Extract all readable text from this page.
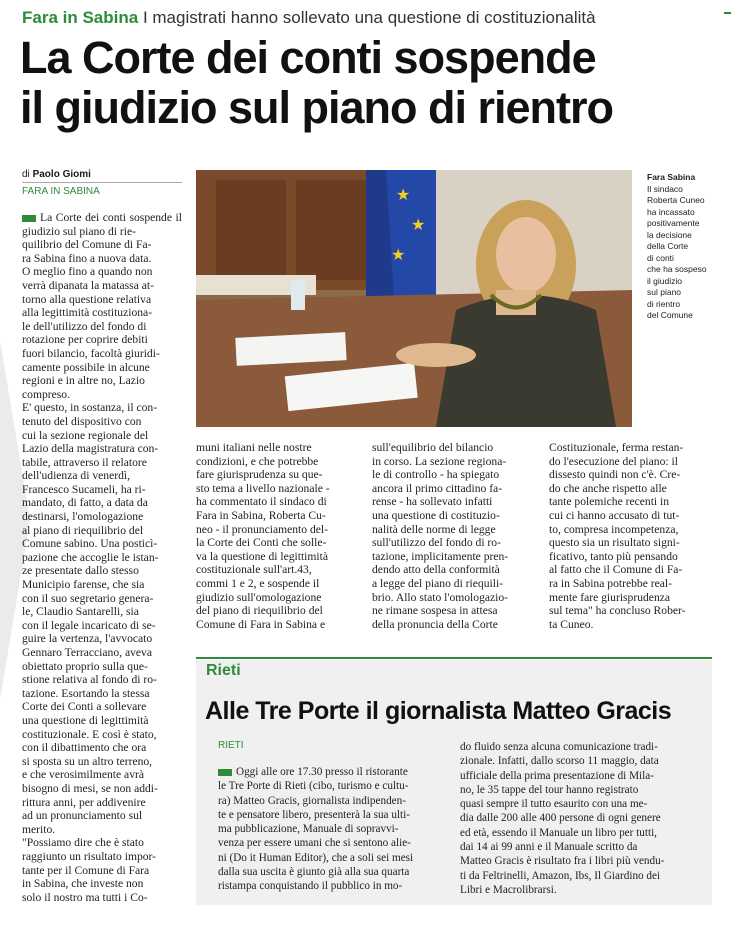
Fara in Sabina I magistrati hanno sollevato una questione di costituzionalità
La Corte dei conti sospende
il giudizio sul piano di rientro
di Paolo Giomi
FARA IN SABINA
La Corte dei conti sospende il giudizio sul piano di rie-
quilibrio del Comune di Fa-
ra Sabina fino a nuova data.
O meglio fino a quando non
verrà dipanata la matassa at-
torno alla questione relativa
alla legittimità costituziona-
le dell'utilizzo del fondo di
rotazione per coprire debiti
fuori bilancio, facoltà giuridi-
camente possibile in alcune
regioni e in altre no, Lazio
compreso.
E' questo, in sostanza, il con-
tenuto del dispositivo con
cui la sezione regionale del
Lazio della magistratura con-
tabile, attraverso il relatore
dell'udienza di venerdì,
Francesco Sucameli, ha ri-
mandato, di fatto, a data da
destinarsi, l'omologazione
al piano di riequilibrio del
Comune sabino. Una posticì-
pazione che accoglie le istan-
ze presentate dallo stesso
Municipio farense, che sia
con il suo segretario genera-
le, Claudio Santarelli, sia
con il legale incaricato di se-
guire la vertenza, l'avvocato
Gennaro Terracciano, aveva
obiettato proprio sulla que-
stione relativa al fondo di ro-
tazione. Esortando la stessa
Corte dei Conti a sollevare
una questione di legittimità
costituzionale. E così è stato,
con il dibattimento che ora
si sposta su un altro terreno,
e che verosimilmente avrà
bisogno di mesi, se non addi-
rittura anni, per addivenire
ad un pronunciamento sul
merito.
"Possiamo dire che è stato
raggiunto un risultato impor-
tante per il Comune di Fara
in Sabina, che investe non
solo il nostro ma tutti i Co-
★
★
★
Fara Sabina
Il sindaco
Roberta Cuneo
ha incassato
positivamente
la decisione
della Corte
di conti
che ha sospeso
il giudizio
sul piano
di rientro
del Comune
muni italiani nelle nostre
condizioni, e che potrebbe
fare giurisprudenza su que-
sto tema a livello nazionale -
ha commentato il sindaco di
Fara in Sabina, Roberta Cu-
neo - il pronunciamento del-
la Corte dei Conti che solle-
va la questione di legittimità
costituzionale sull'art.43,
commi 1 e 2, e sospende il
giudizio sull'omologazione
del piano di riequilibrio del
Comune di Fara in Sabina e
sull'equilibrio del bilancio
in corso. La sezione regiona-
le di controllo - ha spiegato
ancora il primo cittadino fa-
rense - ha sollevato infatti
una questione di costituzio-
nalità delle norme di legge
sull'utilizzo del fondo di ro-
tazione, implicitamente pren-
dendo atto della conformità
a legge del piano di riequili-
brio. Allo stato l'omologazio-
ne rimane sospesa in attesa
della pronuncia della Corte
Costituzionale, ferma restan-
do l'esecuzione del piano: il
dissesto quindi non c'è. Cre-
do che anche rispetto alle
tante polemiche recenti in
cui ci hanno accusato di tut-
to, compresa incompetenza,
questo sia un risultato signi-
ficativo, tanto più pensando
al fatto che il Comune di Fa-
ra in Sabina potrebbe real-
mente fare giurisprudenza
sul tema" ha concluso Rober-
ta Cuneo.
Rieti
Alle Tre Porte il giornalista Matteo Gracis
RIETI
Oggi alle ore 17.30 presso il ristorante
le Tre Porte di Rieti (cibo, turismo e cultu-
ra) Matteo Gracis, giornalista indipenden-
te e pensatore libero, presenterà la sua ulti-
ma pubblicazione, Manuale di sopravvi-
venza per essere umani che si sentono alie-
ni (Do it Human Editor), che a soli sei mesi
dalla sua uscita è giunto già alla sua quarta
ristampa conquistando il pubblico in mo-
do fluido senza alcuna comunicazione tradi-
zionale. Infatti, dallo scorso 11 maggio, data
ufficiale della prima presentazione di Mila-
no, le 35 tappe del tour hanno registrato
quasi sempre il tutto esaurito con una me-
dia dalle 200 alle 400 persone di ogni genere
ed età, essendo il Manuale un libro per tutti,
dai 14 ai 99 anni e il Manuale scritto da
Matteo Gracis è risultato fra i libri più vendu-
ti da Feltrinelli, Amazon, Ibs, Il Giardino dei
Libri e Macrolibrarsi.
